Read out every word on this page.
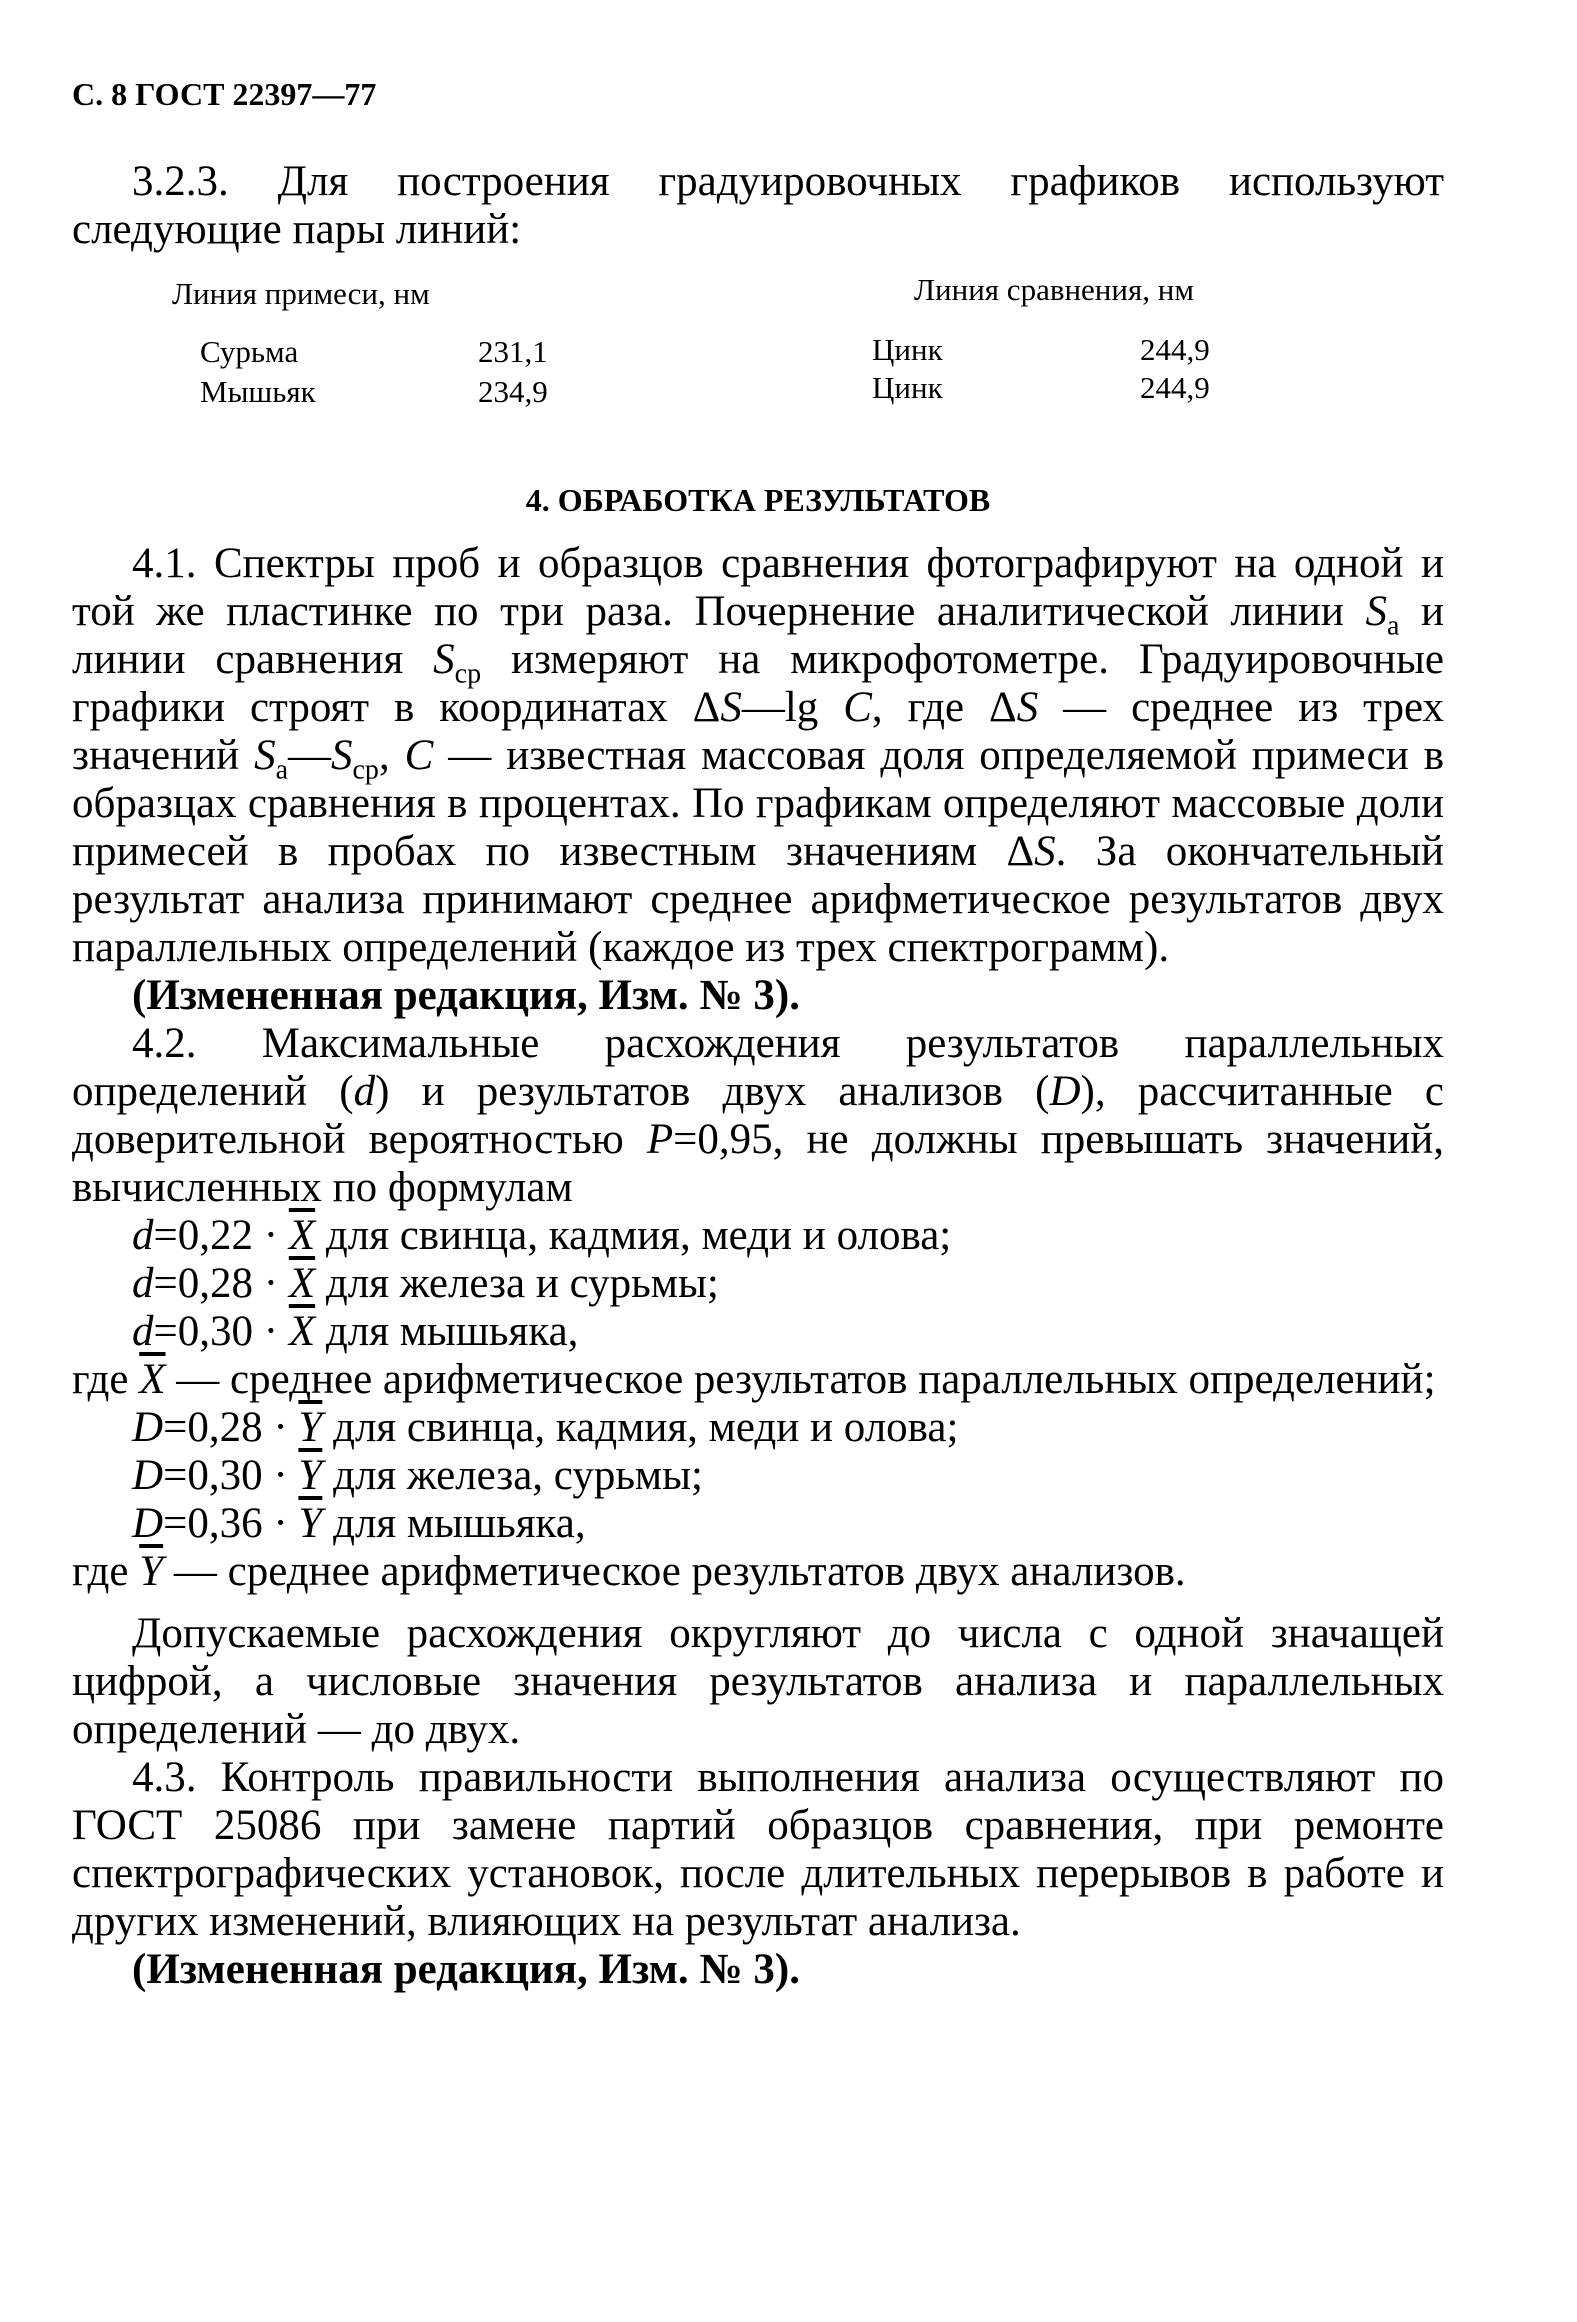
С. 8 ГОСТ 22397—77

3.2.3. Для построения градуировочных графиков используют следующие пары линий:

Линия примеси, нм	Линия сравнения, нм
Сурьма	231,1	Цинк	244,9
Мышьяк	234,9	Цинк	244,9
4. ОБРАБОТКА РЕЗУЛЬТАТОВ

4.1. Спектры проб и образцов сравнения фотографируют на одной и той же пластинке по три раза. Почернение аналитической линии $S_а$ и линии сравнения $S_{ср}$ измеряют на микрофотометре. Градуировочные графики строят в координатах ΔS—lg C, где ΔS — среднее из трех значений $S_а—S_{ср}$, C — известная массовая доля определяемой примеси в образцах сравнения в процентах. По графикам определяют массовые доли примесей в пробах по известным значениям ΔS. За окончательный результат анализа принимают среднее арифметическое результатов двух параллельных определений (каждое из трех спектрограмм).

(Измененная редакция, Изм. № 3).

4.2. Максимальные расхождения результатов параллельных определений (d) и результатов двух анализов (D), рассчитанные с доверительной вероятностью P=0,95, не должны превышать значений, вычисленных по формулам

$d=0,22 \cdot \overline{X}$ для свинца, кадмия, меди и олова;

$d=0,28 \cdot \overline{X}$ для железа и сурьмы;

$d=0,30 \cdot \overline{X}$ для мышьяка,

где $\overline{X}$ — среднее арифметическое результатов параллельных определений;

$D=0,28 \cdot \overline{Y}$ для свинца, кадмия, меди и олова;

$D=0,30 \cdot \overline{Y}$ для железа, сурьмы;

$D=0,36 \cdot \overline{Y}$ для мышьяка,

где $\overline{Y}$ — среднее арифметическое результатов двух анализов.

Допускаемые расхождения округляют до числа с одной значащей цифрой, а числовые значения результатов анализа и параллельных определений — до двух.

4.3. Контроль правильности выполнения анализа осуществляют по ГОСТ 25086 при замене партий образцов сравнения, при ремонте спектрографических установок, после длительных перерывов в работе и других изменений, влияющих на результат анализа.

(Измененная редакция, Изм. № 3).
